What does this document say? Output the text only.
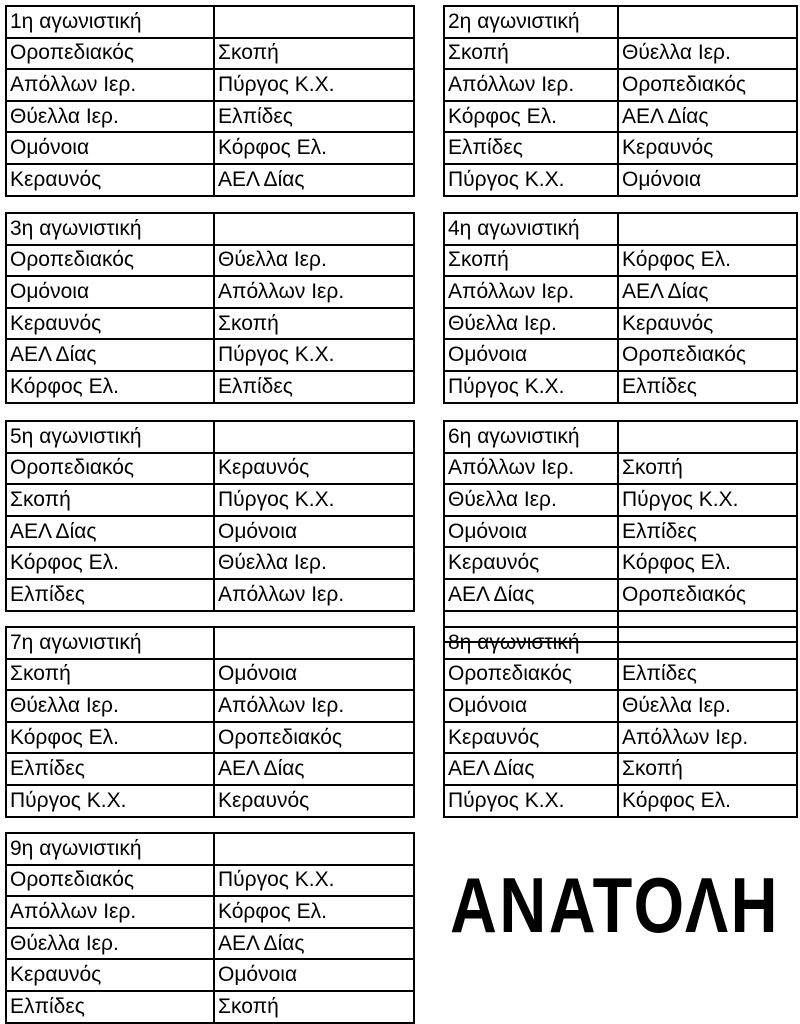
1η αγωνιστική	
Οροπεδιακός	Σκοπή
Απόλλων Ιερ.	Πύργος Κ.Χ.
Θύελλα Ιερ.	Ελπίδες
Ομόνοια	Κόρφος Ελ.
Κεραυνός	ΑΕΛ Δίας
2η αγωνιστική	
Σκοπή	Θύελλα Ιερ.
Απόλλων Ιερ.	Οροπεδιακός
Κόρφος Ελ.	ΑΕΛ Δίας
Ελπίδες	Κεραυνός
Πύργος Κ.Χ.	Ομόνοια
3η αγωνιστική	
Οροπεδιακός	Θύελλα Ιερ.
Ομόνοια	Απόλλων Ιερ.
Κεραυνός	Σκοπή
ΑΕΛ Δίας	Πύργος Κ.Χ.
Κόρφος Ελ.	Ελπίδες
4η αγωνιστική	
Σκοπή	Κόρφος Ελ.
Απόλλων Ιερ.	ΑΕΛ Δίας
Θύελλα Ιερ.	Κεραυνός
Ομόνοια	Οροπεδιακός
Πύργος Κ.Χ.	Ελπίδες
5η αγωνιστική	
Οροπεδιακός	Κεραυνός
Σκοπή	Πύργος Κ.Χ.
ΑΕΛ Δίας	Ομόνοια
Κόρφος Ελ.	Θύελλα Ιερ.
Ελπίδες	Απόλλων Ιερ.
6η αγωνιστική	
Απόλλων Ιερ.	Σκοπή
Θύελλα Ιερ.	Πύργος Κ.Χ.
Ομόνοια	Ελπίδες
Κεραυνός	Κόρφος Ελ.
ΑΕΛ Δίας	Οροπεδιακός

7η αγωνιστική	
Σκοπή	Ομόνοια
Θύελλα Ιερ.	Απόλλων Ιερ.
Κόρφος Ελ.	Οροπεδιακός
Ελπίδες	ΑΕΛ Δίας
Πύργος Κ.Χ.	Κεραυνός
8η αγωνιστική	
Οροπεδιακός	Ελπίδες
Ομόνοια	Θύελλα Ιερ.
Κεραυνός	Απόλλων Ιερ.
ΑΕΛ Δίας	Σκοπή
Πύργος Κ.Χ.	Κόρφος Ελ.
9η αγωνιστική	
Οροπεδιακός	Πύργος Κ.Χ.
Απόλλων Ιερ.	Κόρφος Ελ.
Θύελλα Ιερ.	ΑΕΛ Δίας
Κεραυνός	Ομόνοια
Ελπίδες	Σκοπή
ΑΝΑΤΟΛΗ
